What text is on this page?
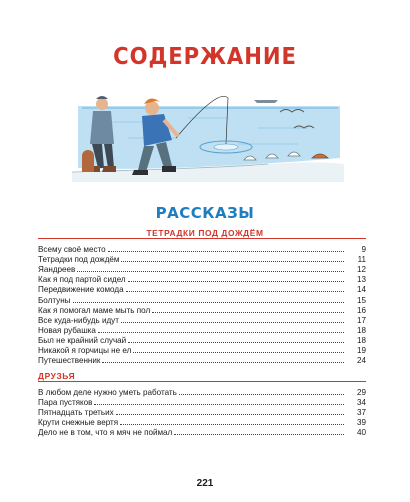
СОДЕРЖАНИЕ
РАССКАЗЫ
ТЕТРАДКИ ПОД ДОЖДЁМ
Всему своё место	9
Тетрадки под дождём	11
Яандреев	12
Как я под партой сидел	13
Передвижение комода	14
Болтуны	15
Как я помогал маме мыть пол	16
Все куда-нибудь идут	17
Новая рубашка	18
Был не крайний случай	18
Никакой я горчицы не ел	19
Путешественник	24
ДРУЗЬЯ
В любом деле нужно уметь работать	29
Пара пустяков	34
Пятнадцать третьих	37
Крути снежные вертя	39
Дело не в том, что я мяч не поймал	40
221
